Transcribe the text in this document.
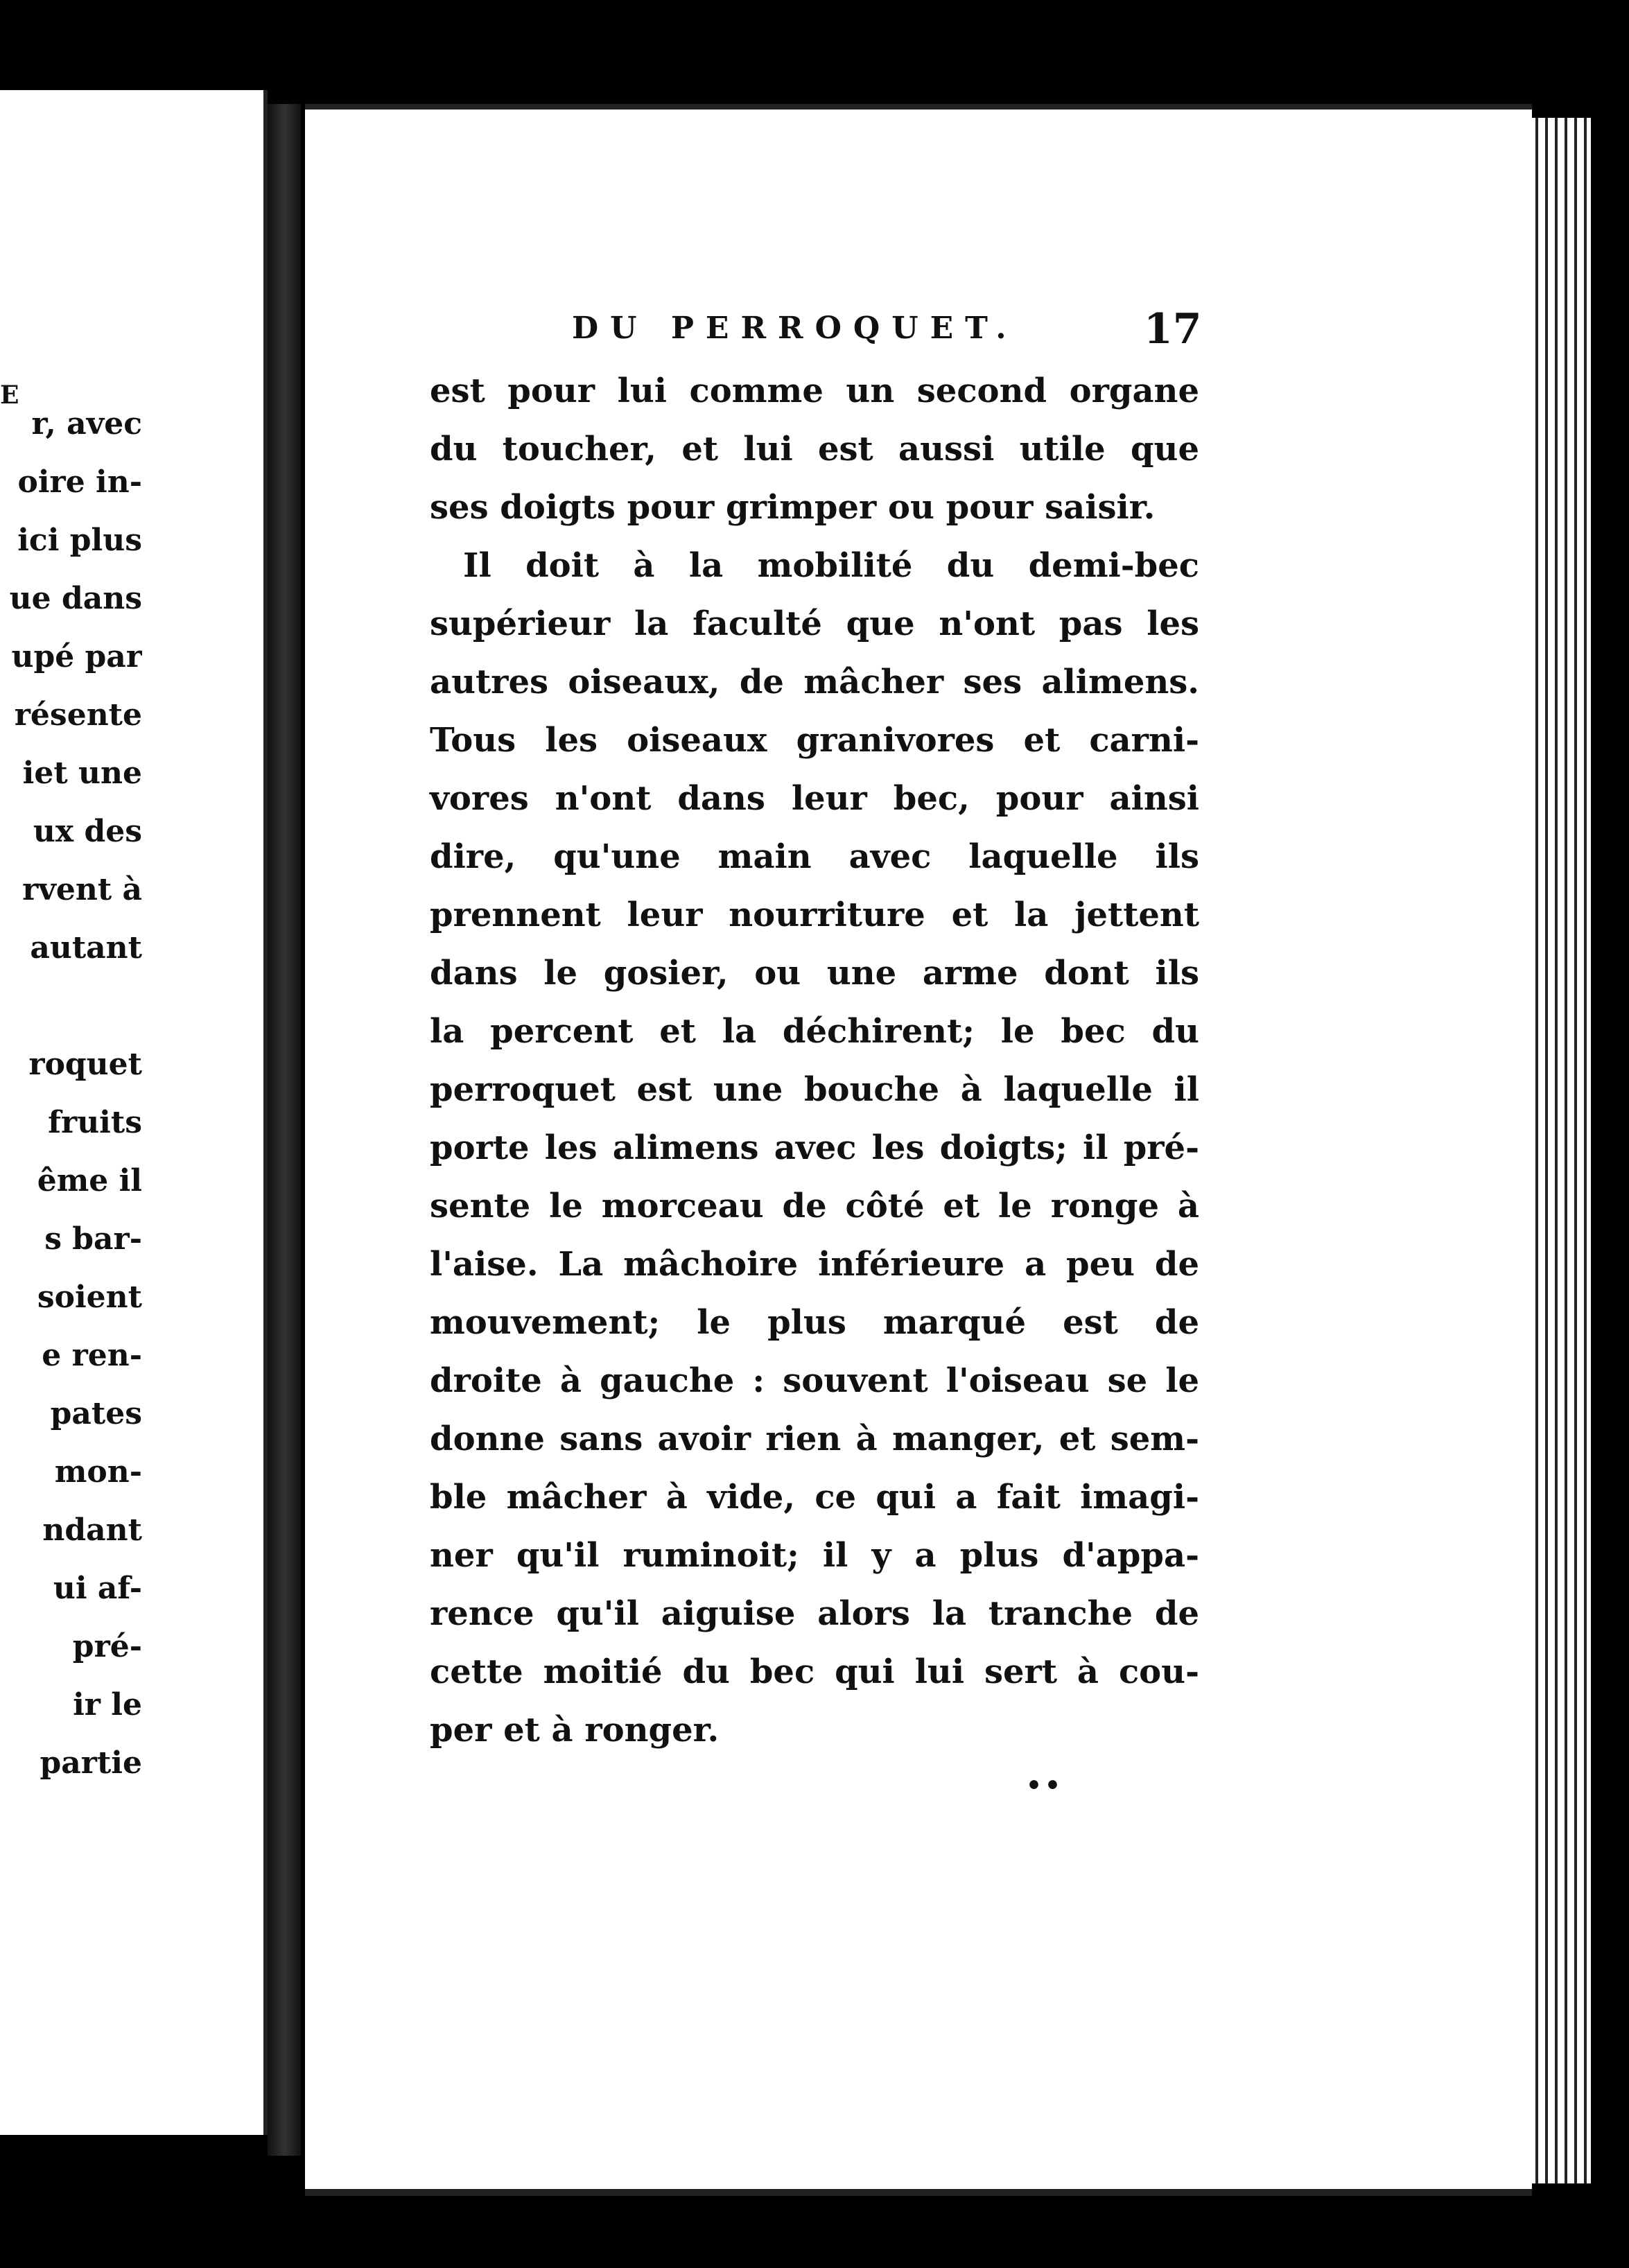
E
r, avec
oire in-
ici plus
ue dans
upé par
résente
iet une
ux des
rvent à
autant
roquet
fruits
ême il
s bar-
soient
e ren-
pates
mon-
ndant
ui af-
pré-
ir le
partie
DU PERROQUET.	17
est pour lui comme un second organe
du toucher, et lui est aussi utile que
ses doigts pour grimper ou pour saisir.
Il doit à la mobilité du demi-bec
supérieur la faculté que n'ont pas les
autres oiseaux, de mâcher ses alimens.
Tous les oiseaux granivores et carni-
vores n'ont dans leur bec, pour ainsi
dire, qu'une main avec laquelle ils
prennent leur nourriture et la jettent
dans le gosier, ou une arme dont ils
la percent et la déchirent; le bec du
perroquet est une bouche à laquelle il
porte les alimens avec les doigts; il pré-
sente le morceau de côté et le ronge à
l'aise. La mâchoire inférieure a peu de
mouvement; le plus marqué est de
droite à gauche : souvent l'oiseau se le
donne sans avoir rien à manger, et sem-
ble mâcher à vide, ce qui a fait imagi-
ner qu'il ruminoit; il y a plus d'appa-
rence qu'il aiguise alors la tranche de
cette moitié du bec qui lui sert à cou-
per et à ronger.
••
